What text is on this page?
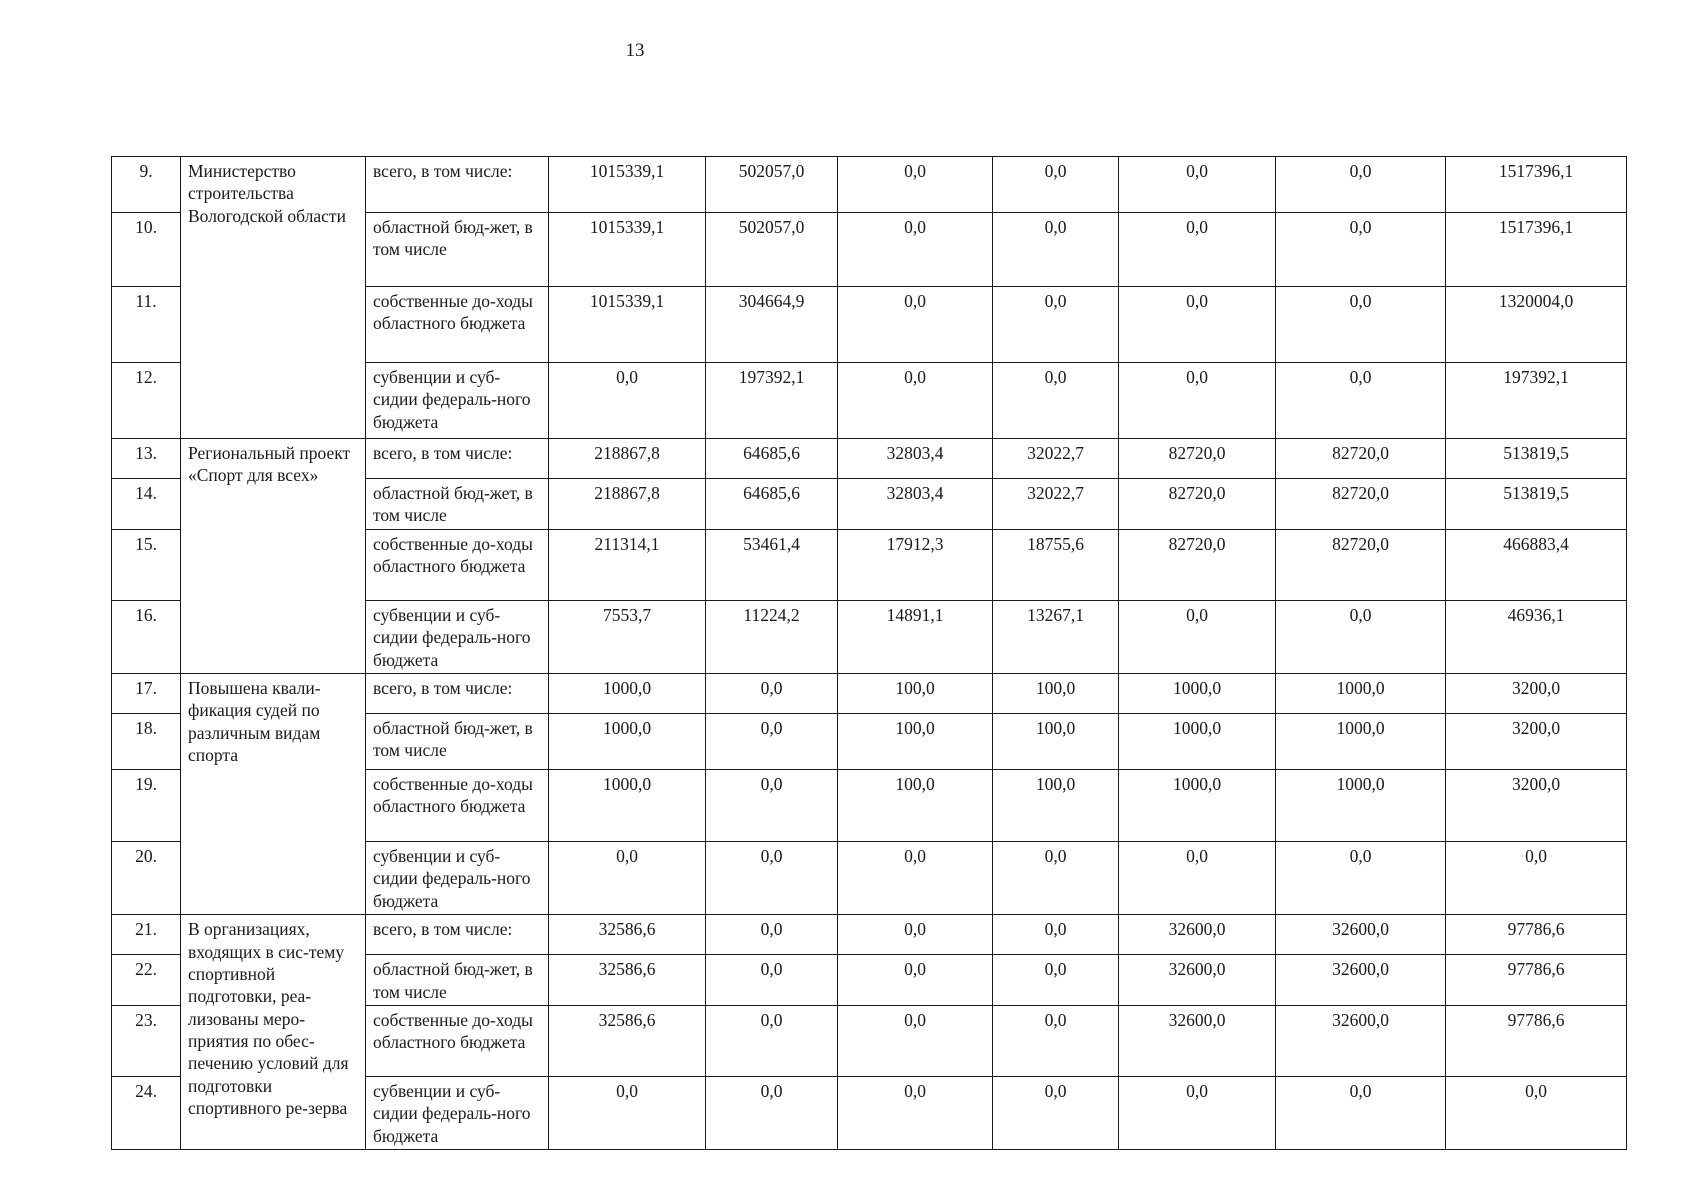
13
9.	Министерство строительства Вологодской области	всего, в том числе:	1015339,1	502057,0	0,0	0,0	0,0	0,0	1517396,1
10.		областной бюд-жет, в том числе	1015339,1	502057,0	0,0	0,0	0,0	0,0	1517396,1
11.		собственные до-ходы областного бюджета	1015339,1	304664,9	0,0	0,0	0,0	0,0	1320004,0
12.		субвенции и суб-сидии федераль-ного бюджета	0,0	197392,1	0,0	0,0	0,0	0,0	197392,1
13.	Региональный проект «Спорт для всех»	всего, в том числе:	218867,8	64685,6	32803,4	32022,7	82720,0	82720,0	513819,5
14.		областной бюд-жет, в том числе	218867,8	64685,6	32803,4	32022,7	82720,0	82720,0	513819,5
15.		собственные до-ходы областного бюджета	211314,1	53461,4	17912,3	18755,6	82720,0	82720,0	466883,4
16.		субвенции и суб-сидии федераль-ного бюджета	7553,7	11224,2	14891,1	13267,1	0,0	0,0	46936,1
17.	Повышена квали-фикация судей по различным видам спорта	всего, в том числе:	1000,0	0,0	100,0	100,0	1000,0	1000,0	3200,0
18.		областной бюд-жет, в том числе	1000,0	0,0	100,0	100,0	1000,0	1000,0	3200,0
19.		собственные до-ходы областного бюджета	1000,0	0,0	100,0	100,0	1000,0	1000,0	3200,0
20.		субвенции и суб-сидии федераль-ного бюджета	0,0	0,0	0,0	0,0	0,0	0,0	0,0
21.	В организациях, входящих в сис-тему спортивной подготовки, реа-лизованы меро-приятия по обес-печению условий для подготовки спортивного ре-зерва	всего, в том числе:	32586,6	0,0	0,0	0,0	32600,0	32600,0	97786,6
22.		областной бюд-жет, в том числе	32586,6	0,0	0,0	0,0	32600,0	32600,0	97786,6
23.		собственные до-ходы областного бюджета	32586,6	0,0	0,0	0,0	32600,0	32600,0	97786,6
24.		субвенции и суб-сидии федераль-ного бюджета	0,0	0,0	0,0	0,0	0,0	0,0	0,0
